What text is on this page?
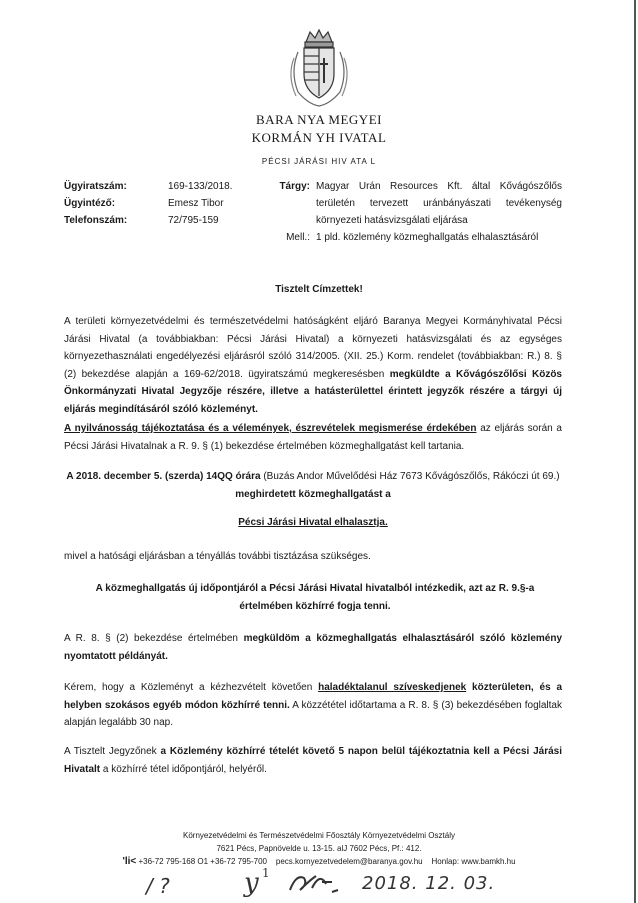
BARA NYA MEGYEI
KORMÁN YH IVATAL
PÉCSI JÁRÁSI HIV ATA L
Ügyiratszám:	169-133/2018.
Ügyintéző:	Emesz Tibor
Telefonszám:	72/795-159
Tárgy: Magyar Urán Resources Kft. által Kővágószőlős területén tervezett uránbányászati tevékenység környezeti hatásvizsgálati eljárása
Mell.: 1 pld. közlemény közmeghallgatás elhalasztásáról
Tisztelt Címzettek!
A területi környezetvédelmi és természetvédelmi hatóságként eljáró Baranya Megyei Kormányhivatal Pécsi Járási Hivatal (a továbbiakban: Pécsi Járási Hivatal) a környezeti hatásvizsgálati és az egységes környezethasználati engedélyezési eljárásról szóló 314/2005. (XII. 25.) Korm. rendelet (továbbiakban: R.) 8. § (2) bekezdése alapján a 169-62/2018. ügyiratszámú megkeresésben megküldte a Kővágószőlősi Közös Önkormányzati Hivatal Jegyzője részére, illetve a hatásterülettel érintett jegyzők részére a tárgyi új eljárás megindításáról szóló közleményt.
A nyilvánosság tájékoztatása és a vélemények, észrevételek megismerése érdekében az eljárás során a Pécsi Járási Hivatalnak a R. 9. § (1) bekezdése értelmében közmeghallgatást kell tartania.
A 2018. december 5. (szerda) 14QQ órára (Buzás Andor Művelődési Ház 7673 Kővágószőlős, Rákóczi út 69.) meghirdetett közmeghallgatást a
Pécsi Járási Hivatal elhalasztja.
mivel a hatósági eljárásban a tényállás további tisztázása szükséges.
A közmeghallgatás új időpontjáról a Pécsi Járási Hivatal hivatalból intézkedik, azt az R. 9.§-a értelmében közhírré fogja tenni.
A R. 8. § (2) bekezdése értelmében megküldöm a közmeghallgatás elhalasztásáról szóló közlemény nyomtatott példányát.
Kérem, hogy a Közleményt a kézhezvételt követően haladéktalanul szíveskedjenek közterületen, és a helyben szokásos egyéb módon közhírré tenni. A közzététel időtartama a R. 8. § (3) bekezdésében foglaltak alapján legalább 30 nap.
A Tisztelt Jegyzőnek a Közlemény közhírré tételét követő 5 napon belül tájékoztatnia kell a Pécsi Járási Hivatalt a közhírré tétel időpontjáról, helyéről.
Környezetvédelmi és Természetvédelmi Főosztály Környezetvédelmi Osztály
7621 Pécs, Papnövelde u. 13-15. alJ 7602 Pécs, Pf.: 412.
'li< +36-72 795-168 O1 +36-72 795-700 pecs.kornyezetvedelem@baranya.gov.hu Honlap: www.bamkh.hu
/ ?	y 1	2018. 12. 03.
